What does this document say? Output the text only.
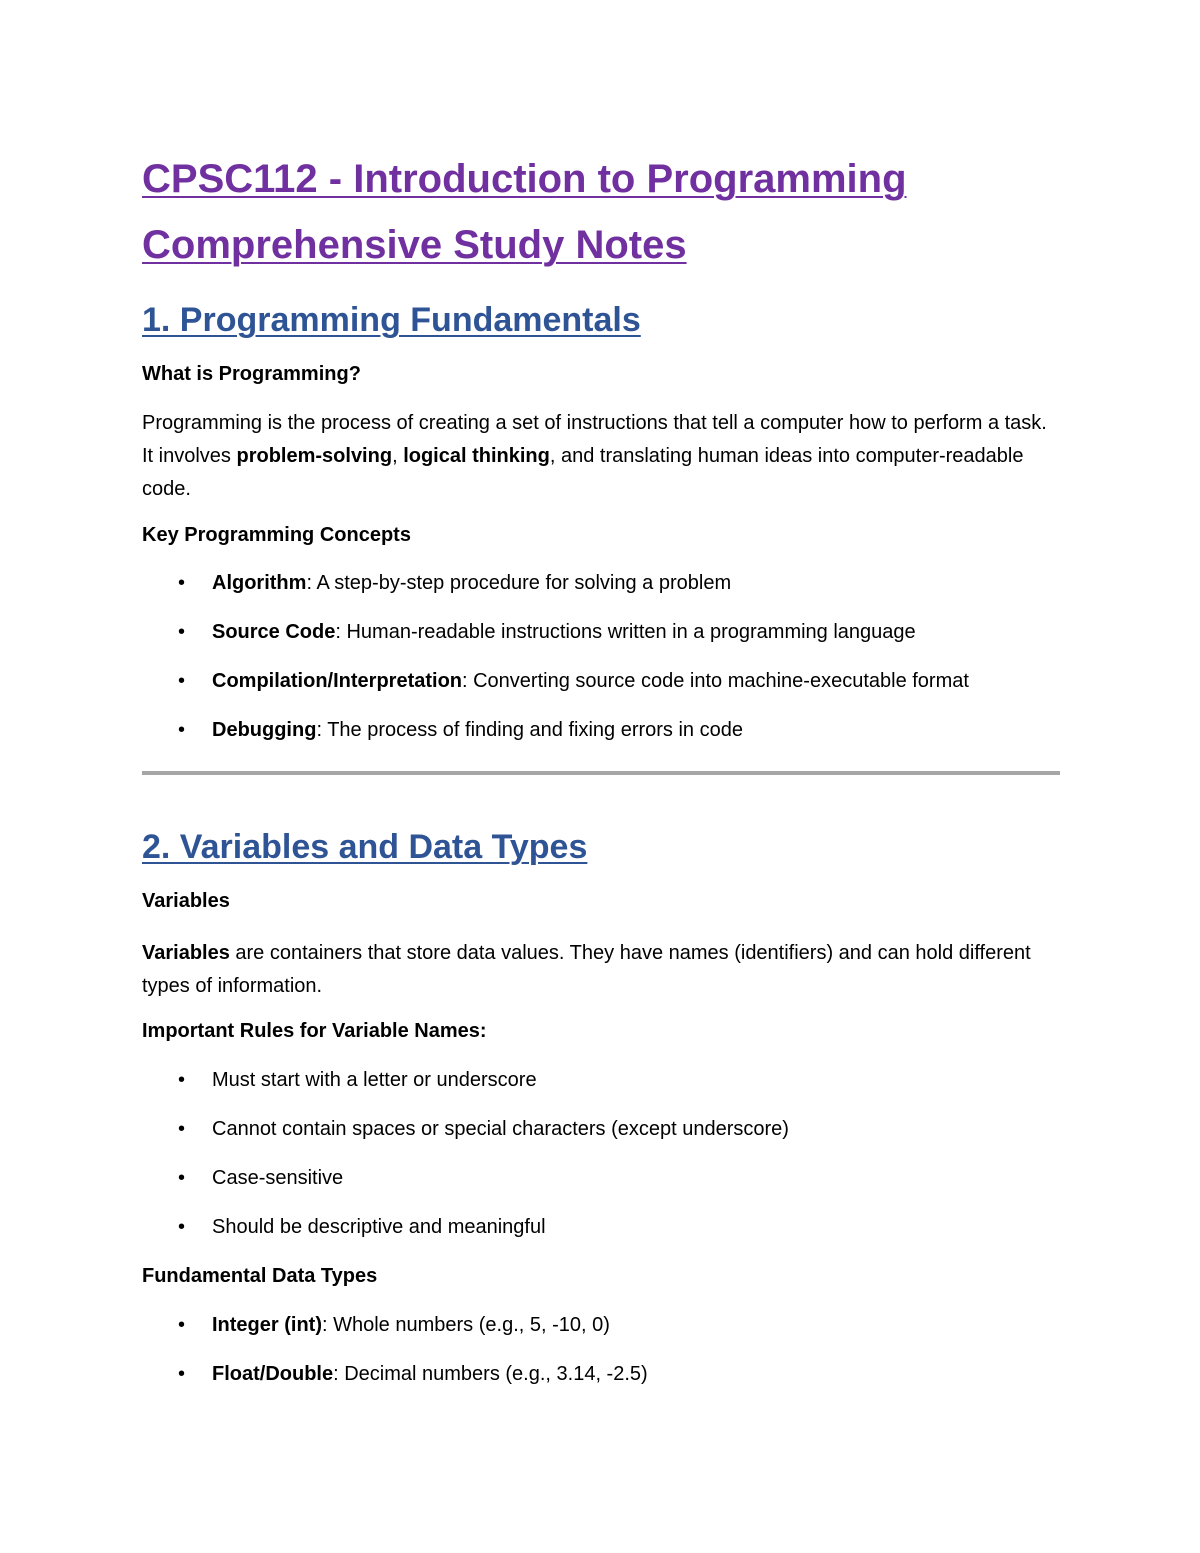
CPSC112 - Introduction to Programming
Comprehensive Study Notes
1. Programming Fundamentals
What is Programming?

Programming is the process of creating a set of instructions that tell a computer how to perform a task. It involves problem-solving, logical thinking, and translating human ideas into computer-readable code.

Key Programming Concepts
• Algorithm: A step-by-step procedure for solving a problem
• Source Code: Human-readable instructions written in a programming language
• Compilation/Interpretation: Converting source code into machine-executable format
• Debugging: The process of finding and fixing errors in code
2. Variables and Data Types
Variables

Variables are containers that store data values. They have names (identifiers) and can hold different types of information.

Important Rules for Variable Names:
• Must start with a letter or underscore
• Cannot contain spaces or special characters (except underscore)
• Case-sensitive
• Should be descriptive and meaningful
Fundamental Data Types
• Integer (int): Whole numbers (e.g., 5, -10, 0)
• Float/Double: Decimal numbers (e.g., 3.14, -2.5)
